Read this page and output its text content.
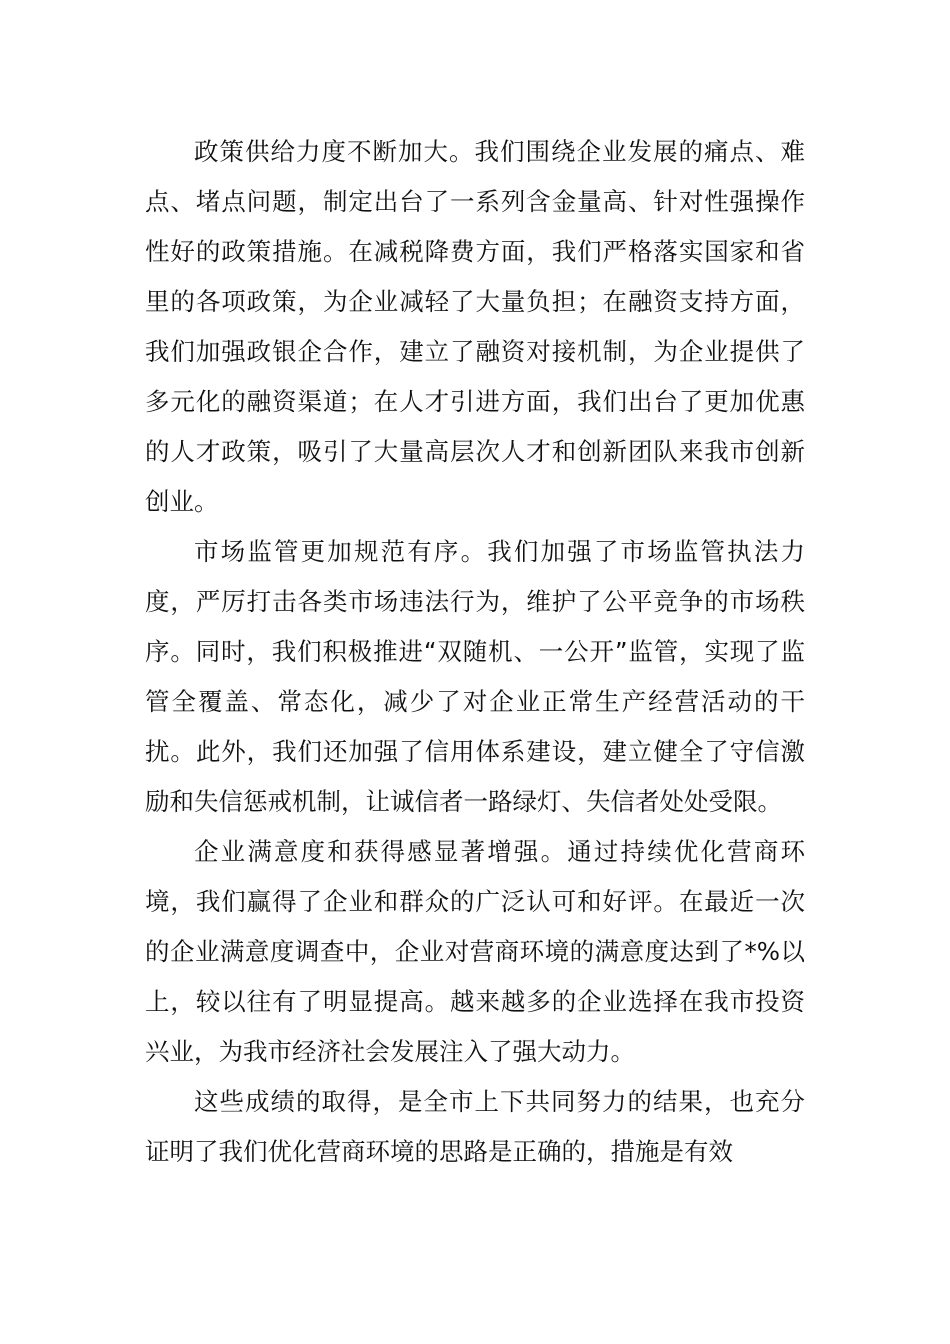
政策供给力度不断加大。我们围绕企业发展的痛点、难点、堵点问题，制定出台了一系列含金量高、针对性强操作性好的政策措施。在减税降费方面，我们严格落实国家和省里的各项政策，为企业减轻了大量负担；在融资支持方面，我们加强政银企合作，建立了融资对接机制，为企业提供了多元化的融资渠道；在人才引进方面，我们出台了更加优惠的人才政策，吸引了大量高层次人才和创新团队来我市创新创业。

市场监管更加规范有序。我们加强了市场监管执法力度，严厉打击各类市场违法行为，维护了公平竞争的市场秩序。同时，我们积极推进“双随机、一公开”监管，实现了监管全覆盖、常态化，减少了对企业正常生产经营活动的干扰。此外，我们还加强了信用体系建设，建立健全了守信激励和失信惩戒机制，让诚信者一路绿灯、失信者处处受限。

企业满意度和获得感显著增强。通过持续优化营商环境，我们赢得了企业和群众的广泛认可和好评。在最近一次的企业满意度调查中，企业对营商环境的满意度达到了*%以上，较以往有了明显提高。越来越多的企业选择在我市投资兴业，为我市经济社会发展注入了强大动力。

这些成绩的取得，是全市上下共同努力的结果，也充分证明了我们优化营商环境的思路是正确的，措施是有效
